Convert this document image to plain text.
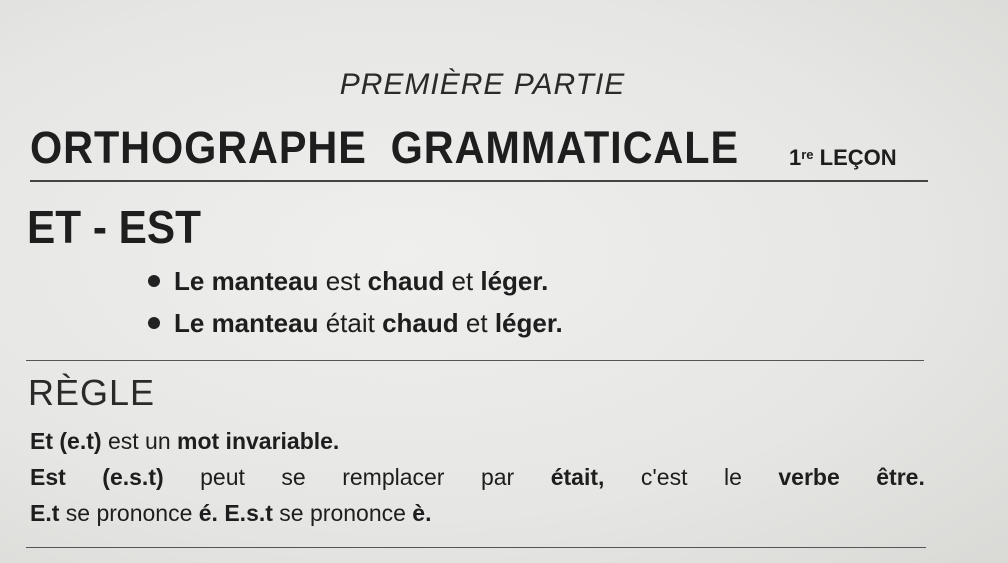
PREMIÈRE PARTIE
ORTHOGRAPHE GRAMMATICALE 1re LEÇON
ET - EST
Le manteau est chaud et léger.
Le manteau était chaud et léger.
RÈGLE
Et (e.t) est un mot invariable.
Est (e.s.t) peut se remplacer par était, c'est le verbe être.
E.t se prononce é. E.s.t se prononce è.
